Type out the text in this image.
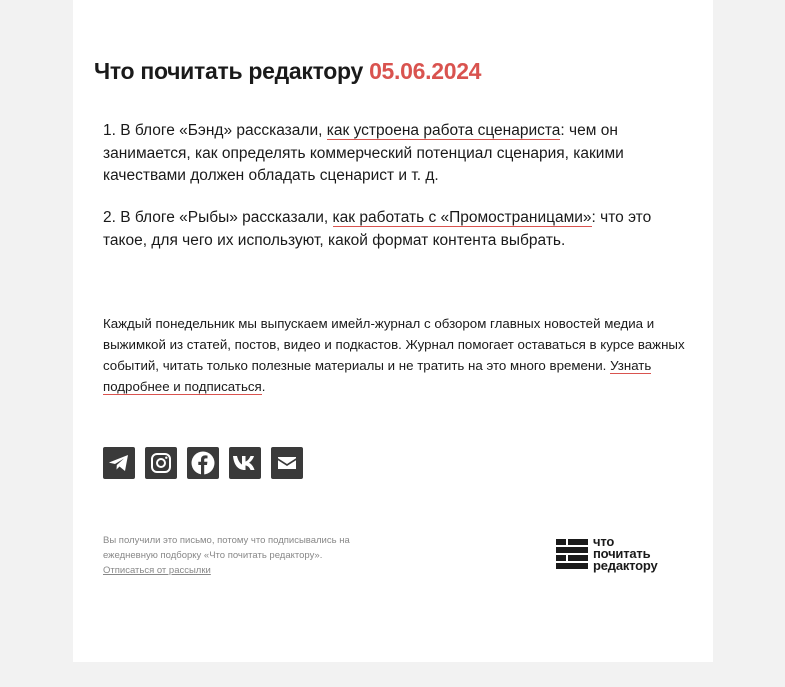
Что почитать редактору 05.06.2024

1. В блоге «Бэнд» рассказали, как устроена работа сценариста: чем он занимается, как определять коммерческий потенциал сценария, какими качествами должен обладать сценарист и т. д.

2. В блоге «Рыбы» рассказали, как работать с «Промостраницами»: что это такое, для чего их используют, какой формат контента выбрать.

Каждый понедельник мы выпускаем имейл-журнал с обзором главных новостей медиа и выжимкой из статей, постов, видео и подкастов. Журнал помогает оставаться в курсе важных событий, читать только полезные материалы и не тратить на это много времени. Узнать подробнее и подписаться.

Вы получили это письмо, потому что подписывались на ежедневную подборку «Что почитать редактору».
Отписаться от рассылки
что
почитать
редактору
